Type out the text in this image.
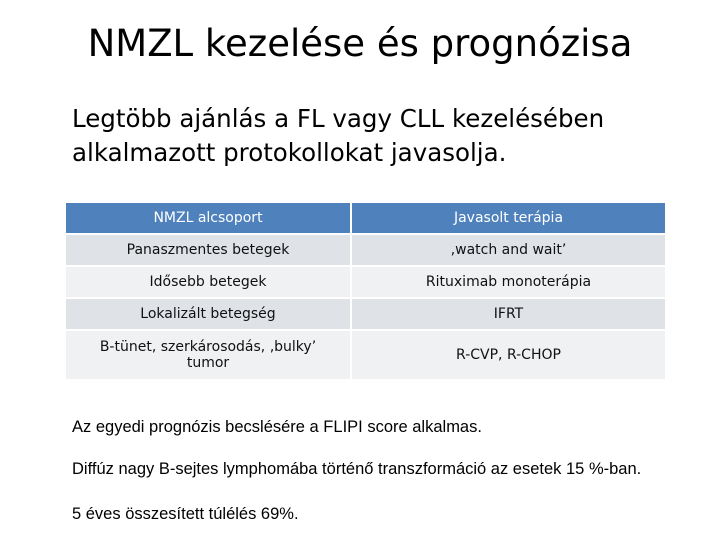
NMZL kezelése és prognózisa
Legtöbb ajánlás a FL vagy CLL kezelésében
alkalmazott protokollokat javasolja.
NMZL alcsoport	Javasolt terápia
Panaszmentes betegek	‚watch and wait’
Idősebb betegek	Rituximab monoterápia
Lokalizált betegség	IFRT
B-tünet, szerkárosodás, ‚bulky’
tumor	R-CVP, R-CHOP
Az egyedi prognózis becslésére a FLIPI score alkalmas.
Diffúz nagy B-sejtes lymphomába történő transzformáció az esetek 15 %-ban.
5 éves összesített túlélés 69%.
